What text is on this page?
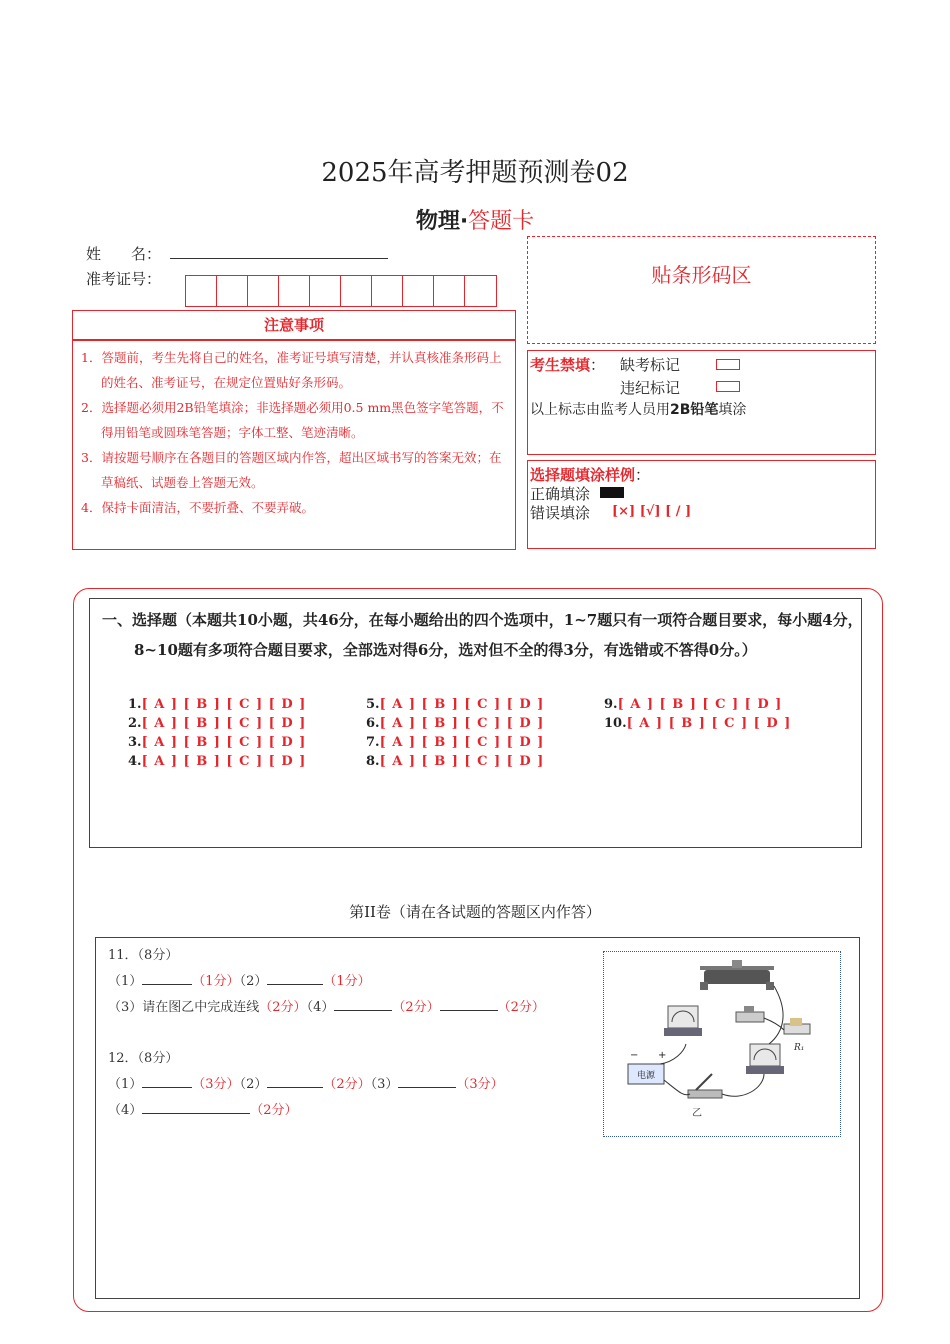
2025年高考押题预测卷02
物理·答题卡
姓　　名：
准考证号：
注意事项
1．答题前，考生先将自己的姓名，准考证号填写清楚，并认真核准条形码上的姓名、准考证号，在规定位置贴好条形码。
2．选择题必须用2B铅笔填涂；非选择题必须用0.5 mm黑色签字笔答题，不得用铅笔或圆珠笔答题；字体工整、笔迹清晰。
3．请按题号顺序在各题目的答题区域内作答，超出区域书写的答案无效；在草稿纸、试题卷上答题无效。
4．保持卡面清洁，不要折叠、不要弄破。
贴条形码区
考生禁填： 缺考标记
违纪标记
以上标志由监考人员用2B铅笔填涂
选择题填涂样例：
正确填涂
错误填涂 [×] [√] [ / ]
一、选择题（本题共10小题，共46分，在每小题给出的四个选项中，1~7题只有一项符合题目要求，每小题4分，8~10题有多项符合题目要求，全部选对得6分，选对但不全的得3分，有选错或不答得0分。）
1.[ A ] [ B ] [ C ] [ D ]
2.[ A ] [ B ] [ C ] [ D ]
3.[ A ] [ B ] [ C ] [ D ]
4.[ A ] [ B ] [ C ] [ D ]
5.[ A ] [ B ] [ C ] [ D ]
6.[ A ] [ B ] [ C ] [ D ]
7.[ A ] [ B ] [ C ] [ D ]
8.[ A ] [ B ] [ C ] [ D ]
9.[ A ] [ B ] [ C ] [ D ]
10.[ A ] [ B ] [ C ] [ D ]
第II卷（请在各试题的答题区内作答）
11．（8分）
（1）	（1分）（2）	（1分）
（3）请在图乙中完成连线（2分）（4）	（2分）	（2分）
12．（8分）
（1）	（3分）（2）	（2分）（3）	（3分）
（4）	（2分）
R₁
电源
− +
乙
